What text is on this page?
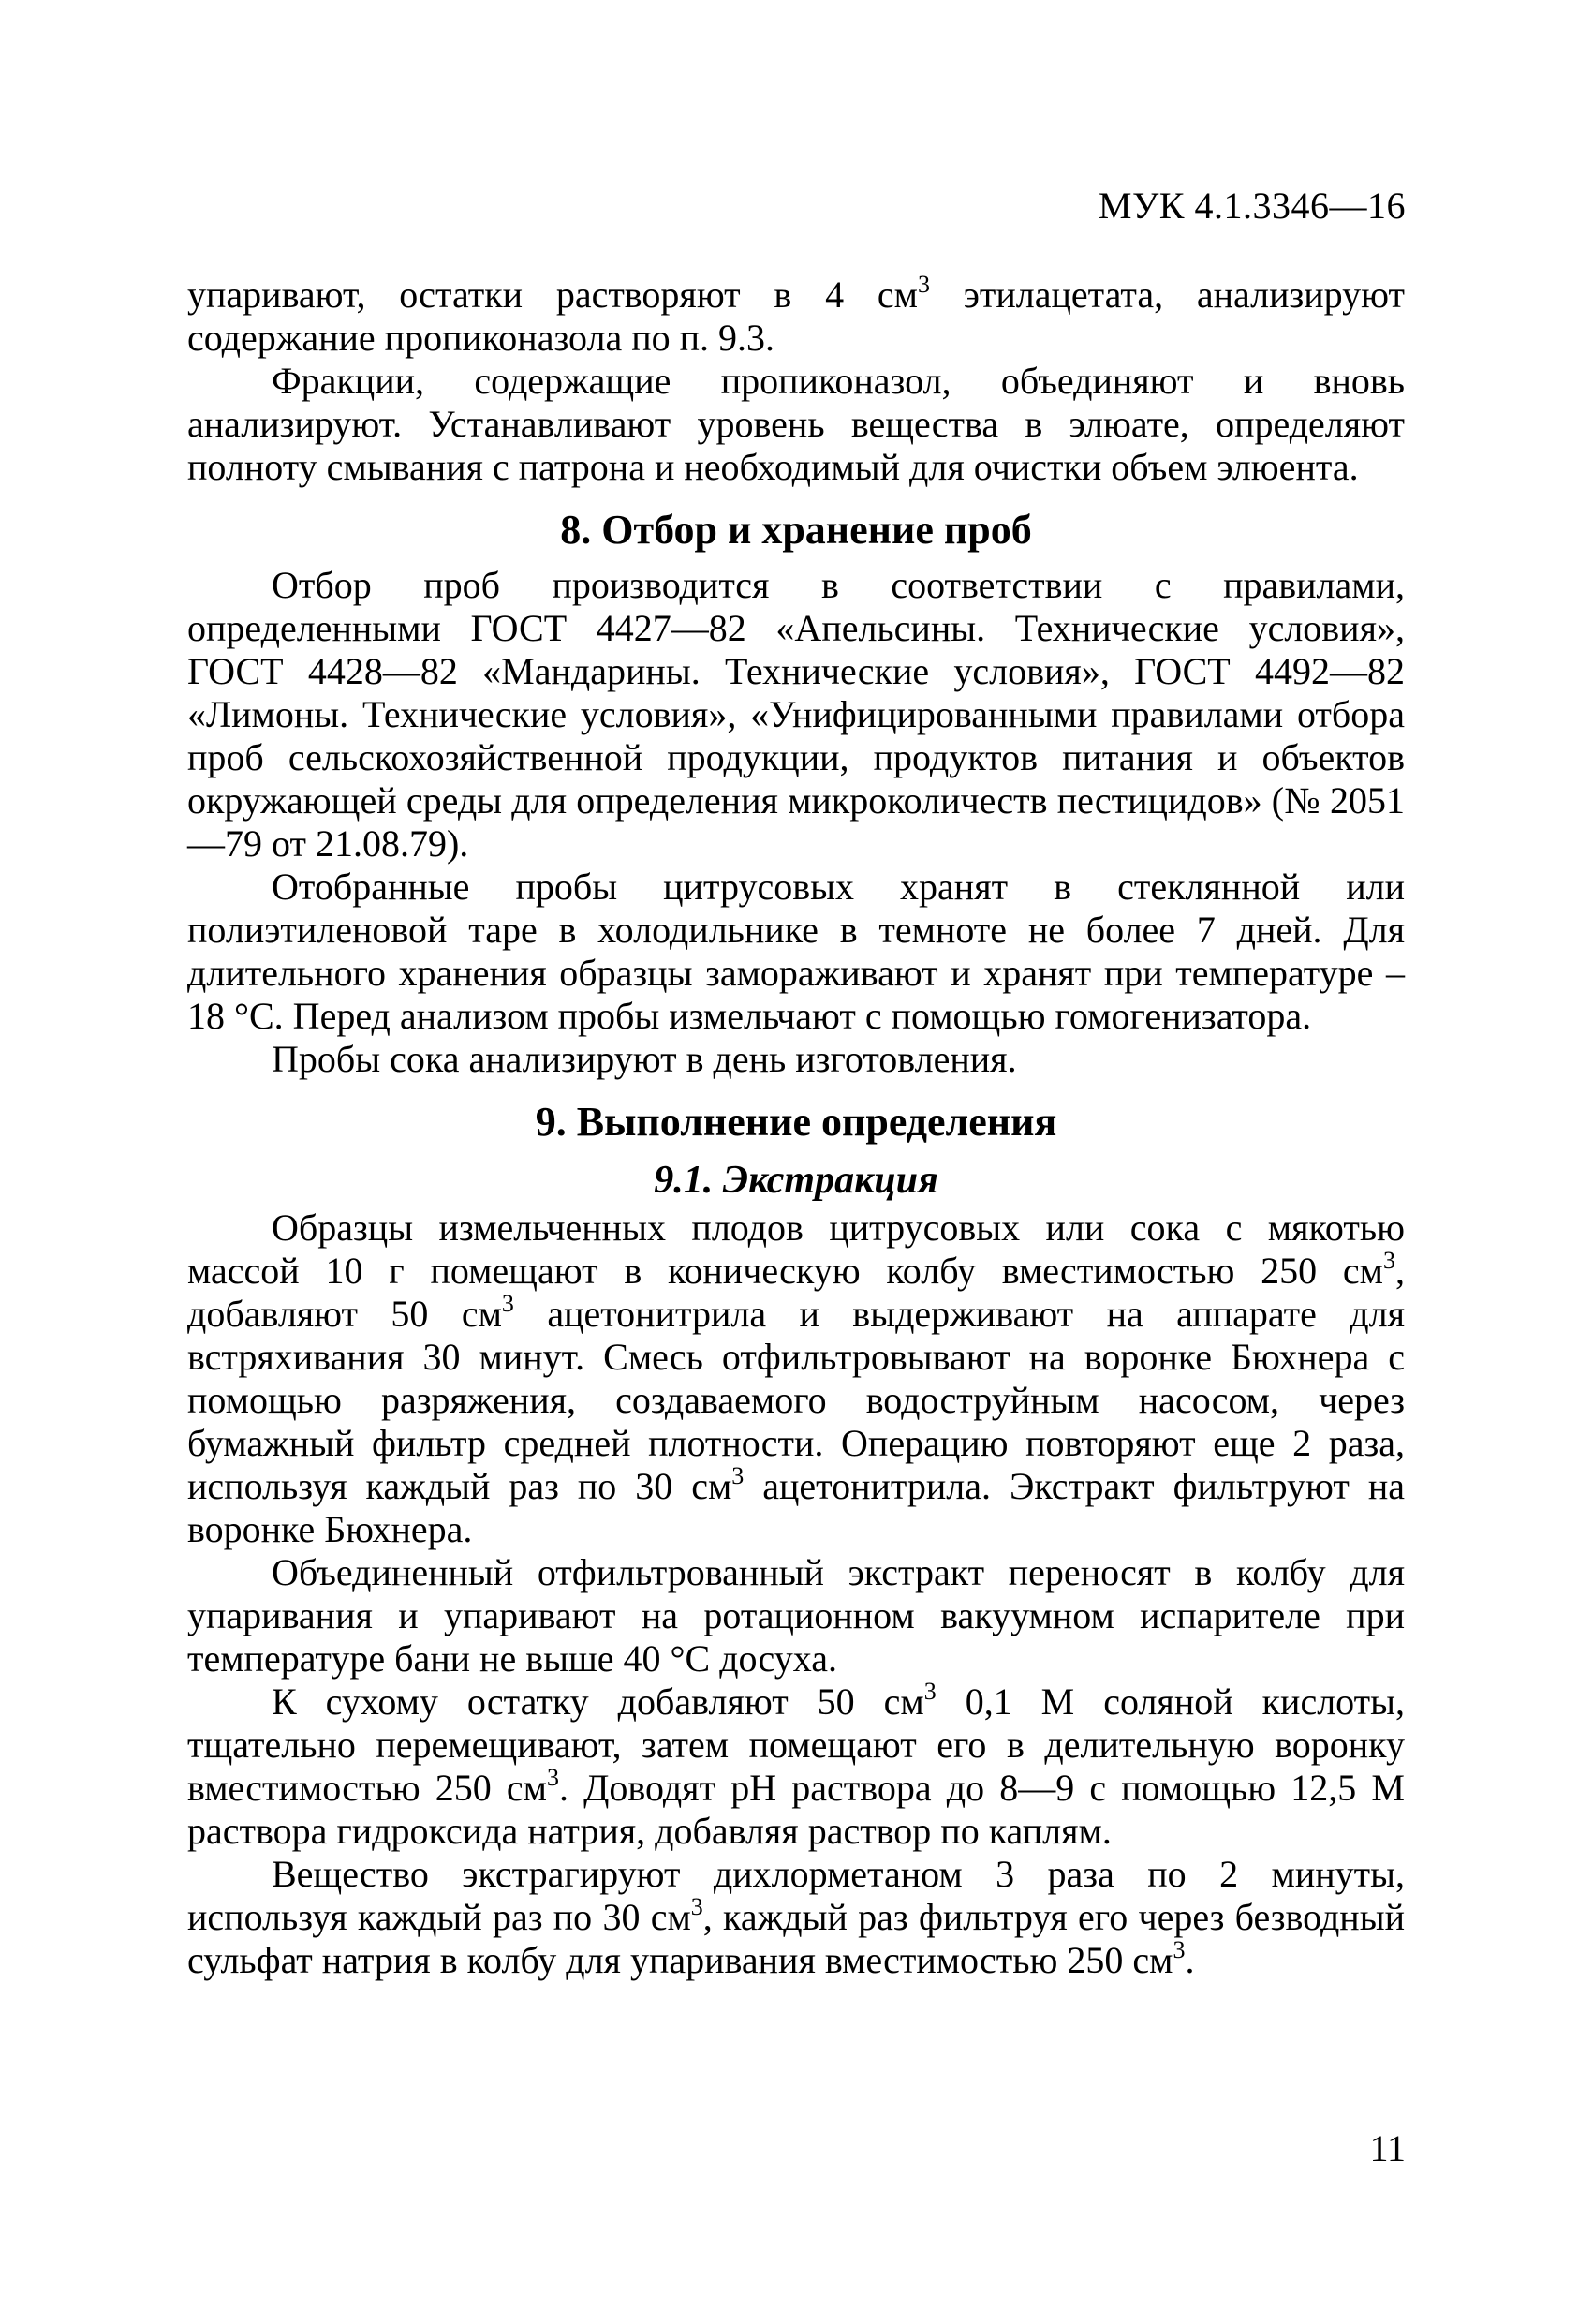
МУК 4.1.3346—16

упаривают, остатки растворяют в 4 $см^3$ этилацетата, анализируют содержание пропиконазола по п. 9.3.

Фракции, содержащие пропиконазол, объединяют и вновь анализируют. Устанавливают уровень вещества в элюате, определяют полноту смывания с патрона и необходимый для очистки объем элюента.

8. Отбор и хранение проб

Отбор проб производится в соответствии с правилами, определенными ГОСТ 4427—82 «Апельсины. Технические условия», ГОСТ 4428—82 «Мандарины. Технические условия», ГОСТ 4492—82 «Лимоны. Технические условия», «Унифицированными правилами отбора проб сельскохозяйственной продукции, продуктов питания и объектов окружающей среды для определения микроколичеств пестицидов» (№ 2051—79 от 21.08.79).

Отобранные пробы цитрусовых хранят в стеклянной или полиэтиленовой таре в холодильнике в темноте не более 7 дней. Для длительного хранения образцы замораживают и хранят при температуре –18 °С. Перед анализом пробы измельчают с помощью гомогенизатора.

Пробы сока анализируют в день изготовления.

9. Выполнение определения
9.1. Экстракция

Образцы измельченных плодов цитрусовых или сока с мякотью массой 10 г помещают в коническую колбу вместимостью 250 $см^3$, добавляют 50 $см^3$ ацетонитрила и выдерживают на аппарате для встряхивания 30 минут. Смесь отфильтровывают на воронке Бюхнера с помощью разряжения, создаваемого водоструйным насосом, через бумажный фильтр средней плотности. Операцию повторяют еще 2 раза, используя каждый раз по 30 $см^3$ ацетонитрила. Экстракт фильтруют на воронке Бюхнера.

Объединенный отфильтрованный экстракт переносят в колбу для упаривания и упаривают на ротационном вакуумном испарителе при температуре бани не выше 40 °С досуха.

К сухому остатку добавляют 50 $см^3$ 0,1 М соляной кислоты, тщательно перемещивают, затем помещают его в делительную воронку вместимостью 250 $см^3$. Доводят рН раствора до 8—9 с помощью 12,5 М раствора гидроксида натрия, добавляя раствор по каплям.

Вещество экстрагируют дихлорметаном 3 раза по 2 минуты, используя каждый раз по 30 $см^3$, каждый раз фильтруя его через безводный сульфат натрия в колбу для упаривания вместимостью 250 $см^3$.

11
